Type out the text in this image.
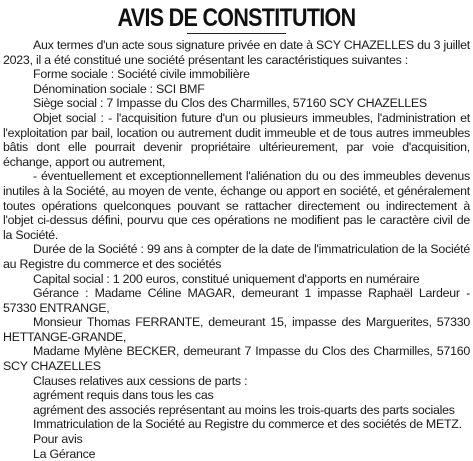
AVIS DE CONSTITUTION

Aux termes d'un acte sous signature privée en date à SCY CHAZELLES du 3 juillet 2023, il a été constitué une société présentant les caractéristiques suivantes :

Forme sociale : Société civile immobilière

Dénomination sociale : SCI BMF

Siège social : 7 Impasse du Clos des Charmilles, 57160 SCY CHAZELLES

Objet social : - l'acquisition future d'un ou plusieurs immeubles, l'administration et l'exploitation par bail, location ou autrement dudit immeuble et de tous autres immeubles bâtis dont elle pourrait devenir propriétaire ultérieurement, par voie d'acquisition, échange, apport ou autrement,

- éventuellement et exceptionnellement l'aliénation du ou des immeubles devenus inutiles à la Société, au moyen de vente, échange ou apport en société, et généralement toutes opérations quelconques pouvant se rattacher directement ou indirectement à l'objet ci-dessus défini, pourvu que ces opérations ne modifient pas le caractère civil de la Société.

Durée de la Société : 99 ans à compter de la date de l'immatriculation de la Société au Registre du commerce et des sociétés

Capital social : 1 200 euros, constitué uniquement d'apports en numéraire

Gérance : Madame Céline MAGAR, demeurant 1 impasse Raphaël Lardeur - 57330 ENTRANGE,

Monsieur Thomas FERRANTE, demeurant 15, impasse des Marguerites, 57330 HETTANGE-GRANDE,

Madame Mylène BECKER, demeurant 7 Impasse du Clos des Charmilles, 57160 SCY CHAZELLES

Clauses relatives aux cessions de parts :

agrément requis dans tous les cas

agrément des associés représentant au moins les trois-quarts des parts sociales

Immatriculation de la Société au Registre du commerce et des sociétés de METZ.

Pour avis

La Gérance
